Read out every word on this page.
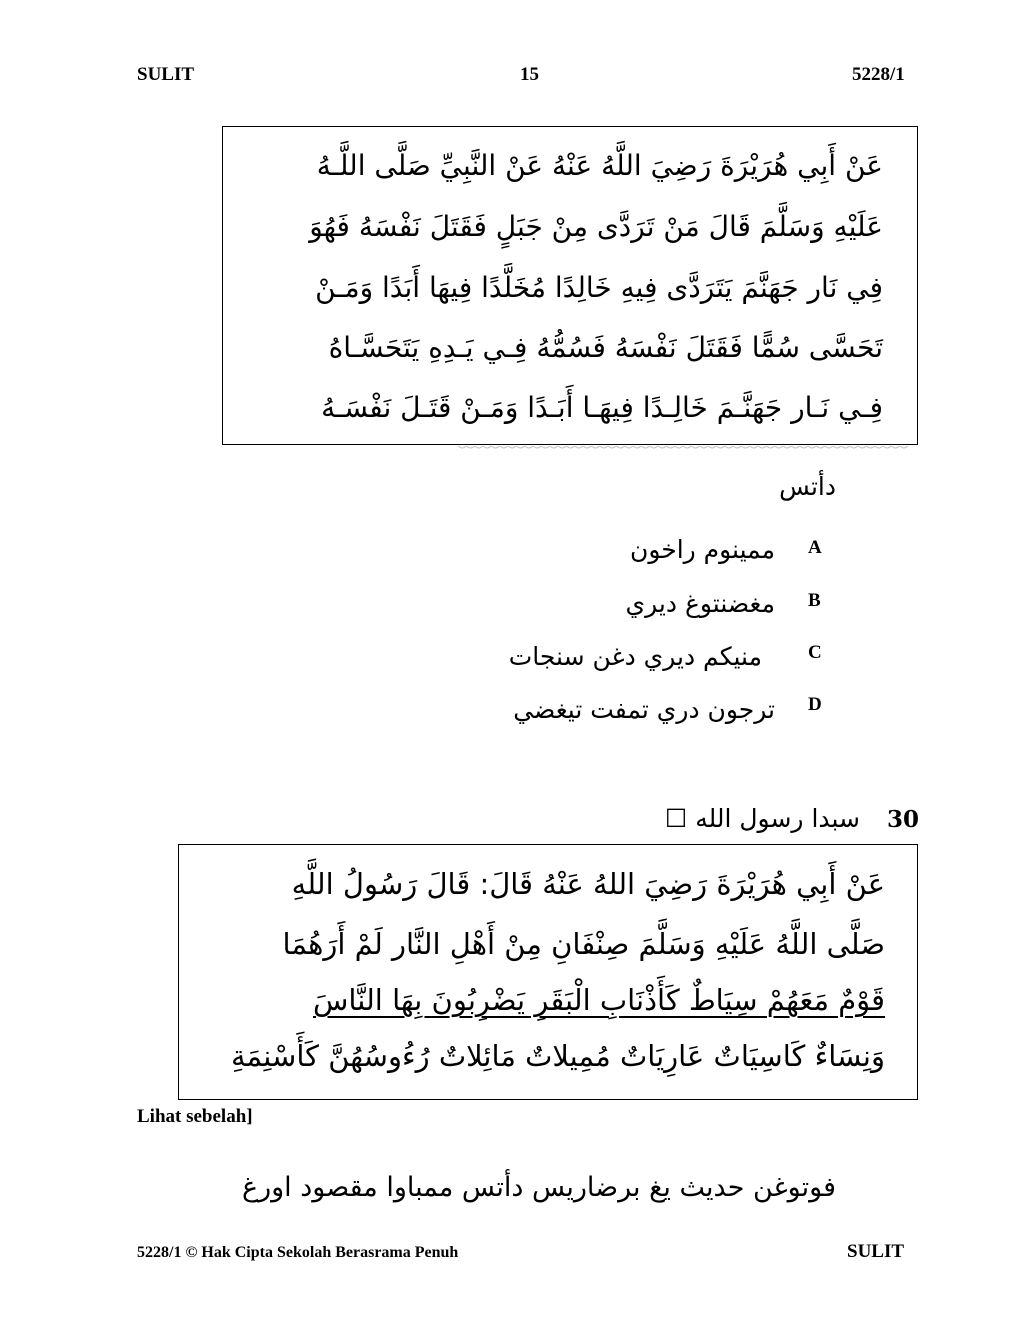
SULIT	15	5228/1
عَنْ أَبِي هُرَيْرَةَ رَضِيَ اللَّهُ عَنْهُ عَنْ النَّبِيِّ صَلَّى اللَّـهُ
عَلَيْهِ وَسَلَّمَ قَالَ مَنْ تَرَدَّى مِنْ جَبَلٍ فَقَتَلَ نَفْسَهُ فَهُوَ
فِي نَار جَهَنَّمَ يَتَرَدَّى فِيهِ خَالِدًا مُخَلَّدًا فِيهَا أَبَدًا وَمَـنْ
تَحَسَّى سُمًّا فَقَتَلَ نَفْسَهُ فَسُمُّهُ فِـي يَـدِهِ يَتَحَسَّـاهُ
فِـي نَـار جَهَنَّـمَ خَالِـدًا فِيهَـا أَبَـدًا وَمَـنْ قَتَـلَ نَفْسَـهُ
دأتس
A
ممينوم راخون
B
مغضنتوغ ديري
C
منيكم ديري دغن سنجات
D
ترجون دري تمفت تيغضي
30
سبدا رسول الله ☐
عَنْ أَبِي هُرَيْرَةَ رَضِيَ اللهُ عَنْهُ قَالَ: قَالَ رَسُولُ اللَّهِ
صَلَّى اللَّهُ عَلَيْهِ وَسَلَّمَ صِنْفَانِ مِنْ أَهْلِ النَّار لَمْ أَرَهُمَا
قَوْمٌ مَعَهُمْ سِيَاطٌ كَأَذْنَابِ الْبَقَرِ يَضْرِبُونَ بِهَا النَّاسَ
وَنِسَاءٌ كَاسِيَاتٌ عَارِيَاتٌ مُمِيلاتٌ مَائِلاتٌ رُءُوسُهُنَّ كَأَسْنِمَةِ
Lihat sebelah]
فوتوغن حديث يغ برضاريس دأتس ممباوا مقصود اورغ
5228/1 © Hak Cipta Sekolah Berasrama Penuh	SULIT
